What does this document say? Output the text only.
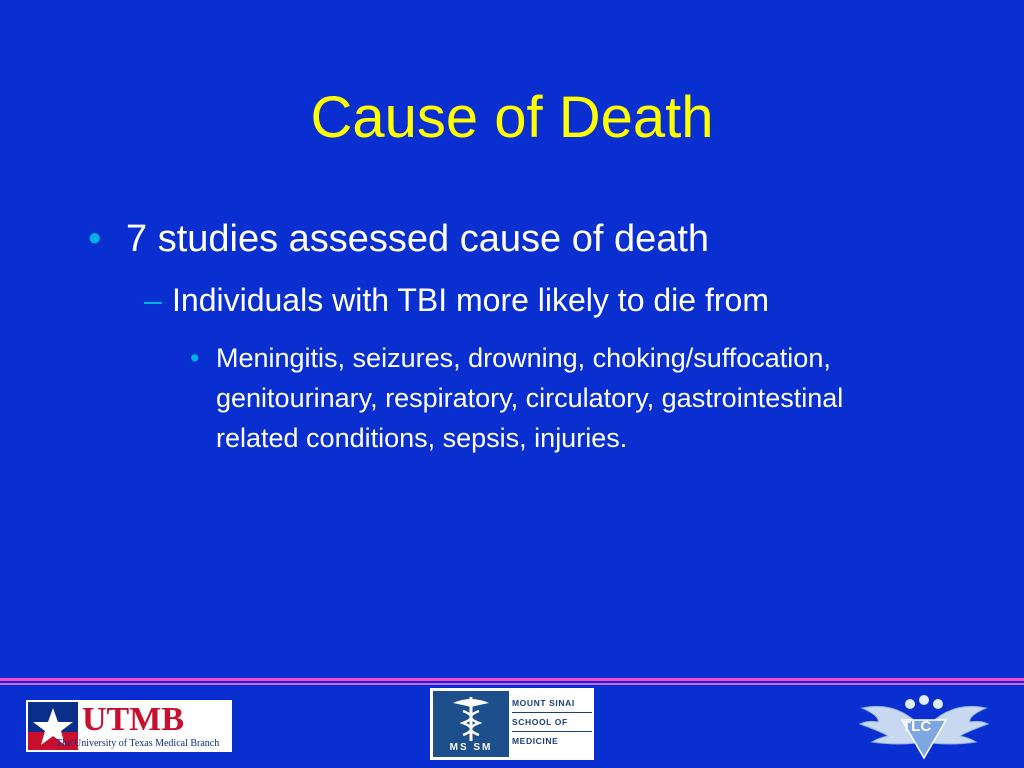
Cause of Death
• 7 studies assessed cause of death
– Individuals with TBI more likely to die from
• Meningitis, seizures, drowning, choking/suffocation, genitourinary, respiratory, circulatory, gastrointestinal related conditions, sepsis, injuries.
UTMB
The University of Texas Medical Branch	MS SM
MOUNT SINAI
SCHOOL OF
MEDICINE
TLC
